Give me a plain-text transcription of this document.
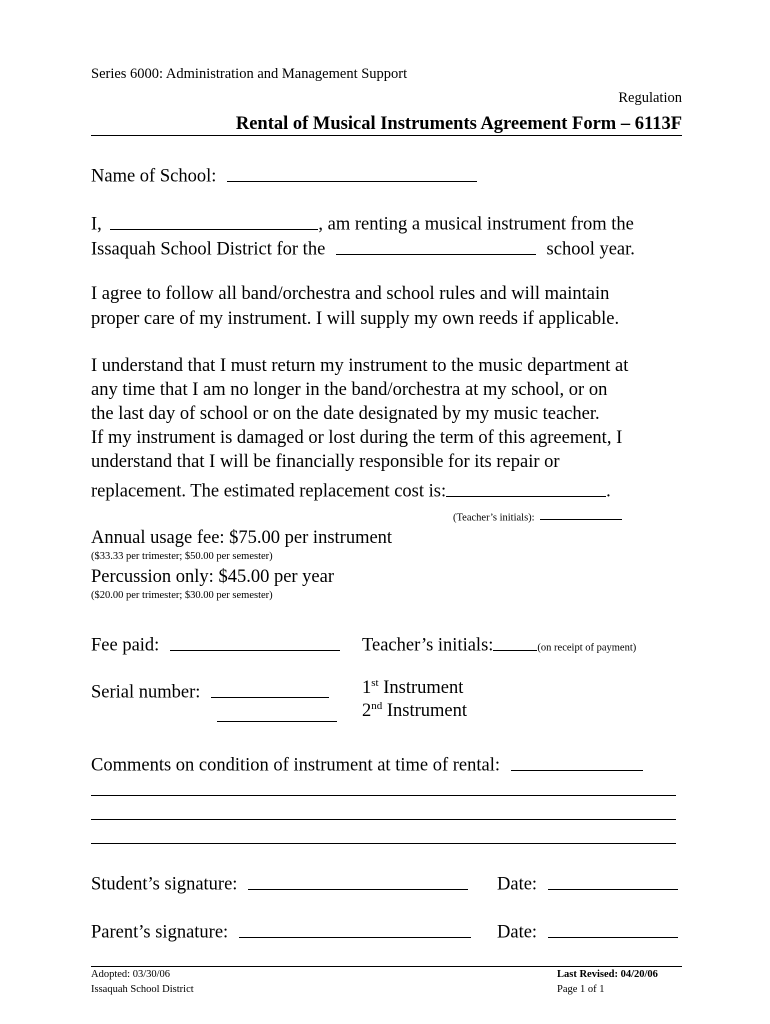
Series 6000: Administration and Management Support
Regulation
Rental of Musical Instruments Agreement Form – 6113F
Name of School:
I,	, am renting a musical instrument from the
Issaquah School District for the	school year.
I agree to follow all band/orchestra and school rules and will maintain
proper care of my instrument. I will supply my own reeds if applicable.
I understand that I must return my instrument to the music department at
any time that I am no longer in the band/orchestra at my school, or on
the last day of school or on the date designated by my music teacher.
If my instrument is damaged or lost during the term of this agreement, I
understand that I will be financially responsible for its repair or
replacement. The estimated replacement cost is:	.
(Teacher’s initials):
Annual usage fee: $75.00 per instrument
($33.33 per trimester; $50.00 per semester)
Percussion only: $45.00 per year
($20.00 per trimester; $30.00 per semester)
Fee paid:	Teacher’s initials:	(on receipt of payment)
Serial number:	1st Instrument
2nd Instrument
Comments on condition of instrument at time of rental:
Student’s signature:	Date:
Parent’s signature:	Date:
Adopted: 03/30/06
Issaquah School District
Last Revised: 04/20/06
Page 1 of 1
